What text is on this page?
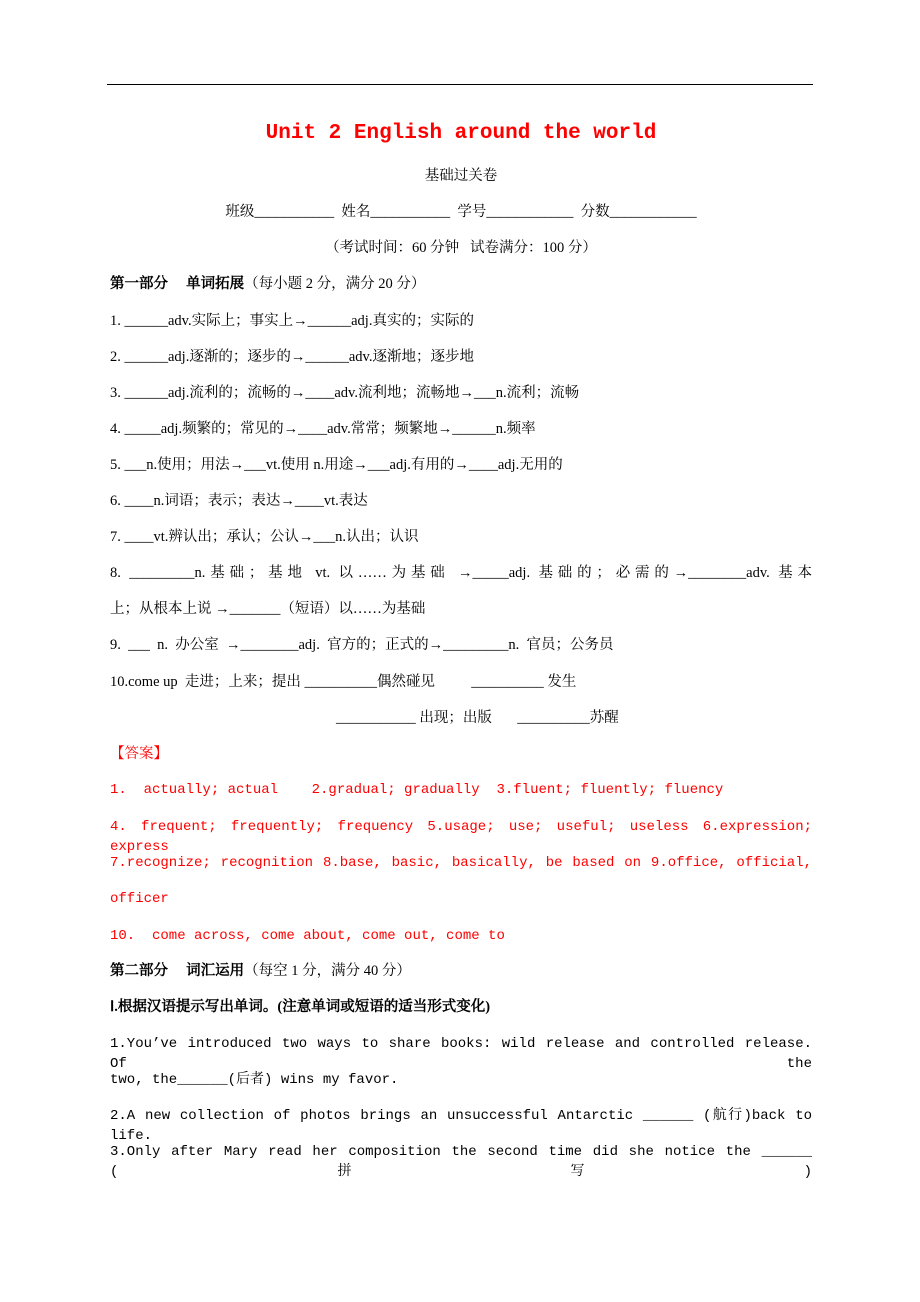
Unit 2 English around the world
基础过关卷
班级___________  姓名___________  学号____________  分数____________
（考试时间：60 分钟   试卷满分：100 分）
第一部分     单词拓展（每小题 2 分，满分 20 分）
1. ______adv.实际上；事实上→______adj.真实的；实际的
2. ______adj.逐渐的；逐步的→______adv.逐渐地；逐步地
3. ______adj.流利的；流畅的→____adv.流利地；流畅地→___n.流利；流畅
4. _____adj.频繁的；常见的→____adv.常常；频繁地→______n.频率
5. ___n.使用；用法→___vt.使用 n.用途→___adj.有用的→____adj.无用的
6. ____n.词语；表示；表达→____vt.表达
7. ____vt.辨认出；承认；公认→___n.认出；认识
8. _________n.基础；基地 vt. 以……为基础 →_____adj. 基础的；必需的→________adv. 基本
上；从根本上说 →_______（短语）以……为基础
9.  ___  n.  办公室  →________adj.  官方的；正式的→_________n.  官员；公务员
10.come up  走进；上来；提出 __________偶然碰见          __________ 发生
___________ 出现；出版       __________苏醒
【答案】
1.  actually; actual    2.gradual; gradually  3.fluent; fluently; fluency
4. frequent; frequently; frequency 5.usage; use; useful; useless 6.expression; express
7.recognize; recognition 8.base, basic, basically, be based on 9.office, official,
officer
10.  come across, come about, come out, come to
第二部分     词汇运用（每空 1 分，满分 40 分）
Ⅰ.根据汉语提示写出单词。(注意单词或短语的适当形式变化)
1.You’ve introduced two ways to share books: wild release and controlled release. Of the
two, the______(后者) wins my favor.
2.A new collection of photos brings an unsuccessful Antarctic ______ (航行)back to life.
3.Only after Mary read her composition the second time did she notice the ______ (拼写)
